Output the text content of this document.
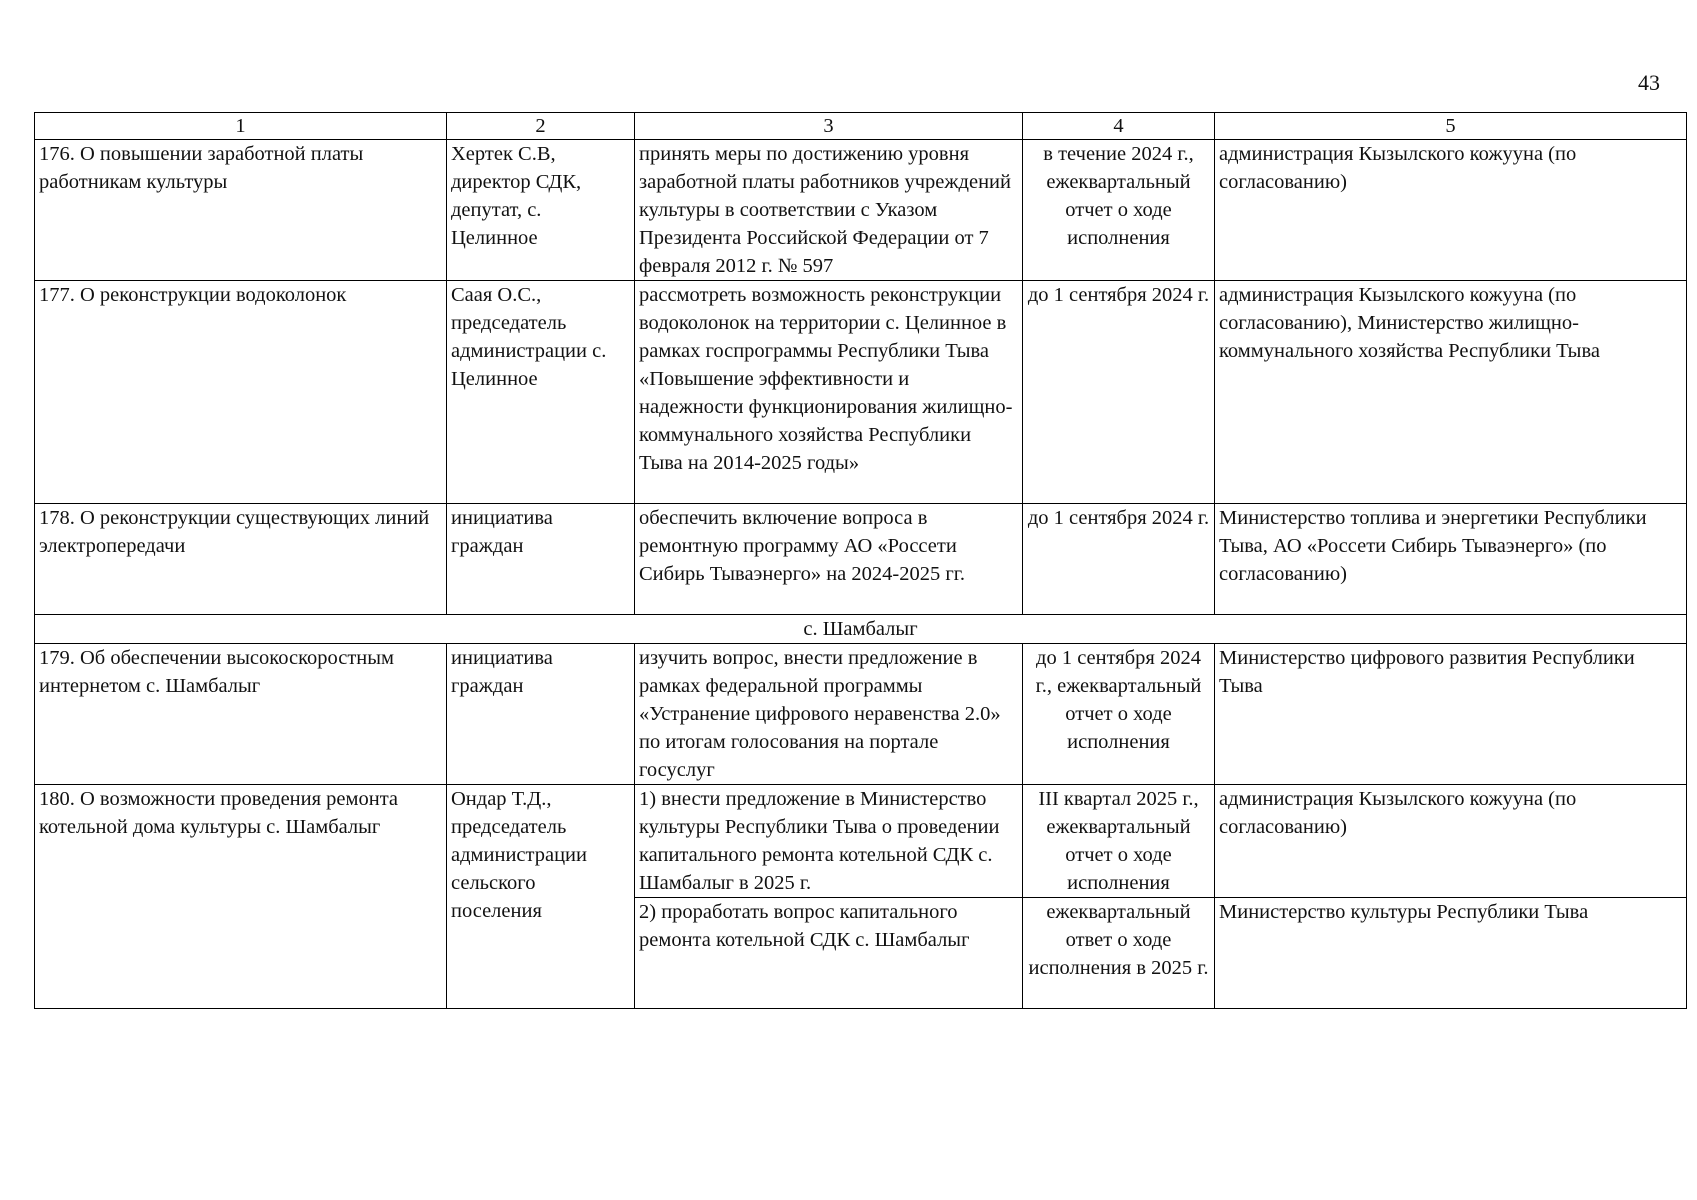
43
1	2	3	4	5
176. О повышении заработной платы работникам культуры	Хертек С.В, директор СДК, депутат, с. Целинное	принять меры по достижению уровня заработной платы работников учреждений культуры в соответствии с Указом Президента Российской Федерации от 7 февраля 2012 г. № 597	в течение 2024 г., ежеквартальный отчет о ходе исполнения	администрация Кызылского кожууна (по согласованию)
177. О реконструкции водоколонок	Саая О.С., председатель администрации с. Целинное	рассмотреть возможность реконструкции водоколонок на территории с. Целинное в рамках госпрограммы Республики Тыва «Повышение эффективности и надежности функционирования жилищно-коммунального хозяйства Республики Тыва на 2014-2025 годы»	до 1 сентября 2024 г.	администрация Кызылского кожууна (по согласованию), Министерство жилищно-коммунального хозяйства Республики Тыва
178. О реконструкции существующих линий электропередачи	инициатива граждан	обеспечить включение вопроса в ремонтную программу АО «Россети Сибирь Тываэнерго» на 2024-2025 гг.	до 1 сентября 2024 г.	Министерство топлива и энергетики Республики Тыва, АО «Россети Сибирь Тываэнерго» (по согласованию)
с. Шамбалыг				
179. Об обеспечении высокоскоростным интернетом с. Шамбалыг	инициатива граждан	изучить вопрос, внести предложение в рамках федеральной программы «Устранение цифрового неравенства 2.0» по итогам голосования на портале госуслуг	до 1 сентября 2024 г., ежеквартальный отчет о ходе исполнения	Министерство цифрового развития Республики Тыва
180. О возможности проведения ремонта котельной дома культуры с. Шамбалыг	Ондар Т.Д., председатель администрации сельского поселения	1) внести предложение в Министерство культуры Республики Тыва о проведении капитального ремонта котельной СДК с. Шамбалыг в 2025 г.	III квартал 2025 г., ежеквартальный отчет о ходе исполнения	администрация Кызылского кожууна (по согласованию)
		2) проработать вопрос капитального ремонта котельной СДК с. Шамбалыг	ежеквартальный ответ о ходе исполнения в 2025 г.	Министерство культуры Республики Тыва
